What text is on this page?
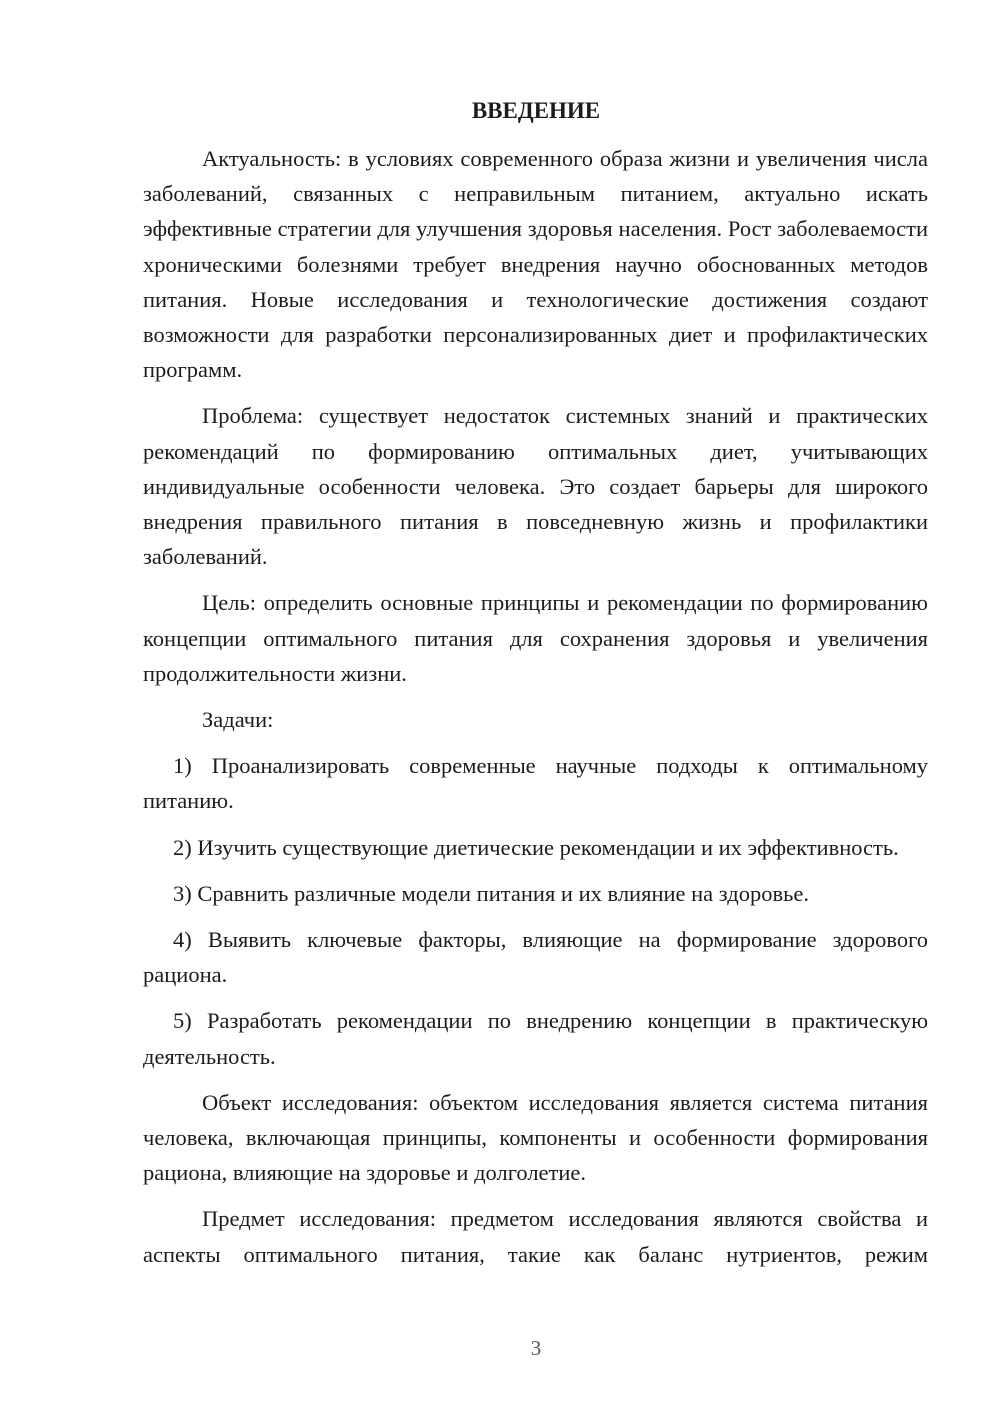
ВВЕДЕНИЕ

Актуальность: в условиях современного образа жизни и увеличения числа заболеваний, связанных с неправильным питанием, актуально искать эффективные стратегии для улучшения здоровья населения. Рост заболеваемости хроническими болезнями требует внедрения научно обоснованных методов питания. Новые исследования и технологические достижения создают возможности для разработки персонализированных диет и профилактических программ.

Проблема: существует недостаток системных знаний и практических рекомендаций по формированию оптимальных диет, учитывающих индивидуальные особенности человека. Это создает барьеры для широкого внедрения правильного питания в повседневную жизнь и профилактики заболеваний.

Цель: определить основные принципы и рекомендации по формированию концепции оптимального питания для сохранения здоровья и увеличения продолжительности жизни.

Задачи:

1) Проанализировать современные научные подходы к оптимальному питанию.

2) Изучить существующие диетические рекомендации и их эффективность.

3) Сравнить различные модели питания и их влияние на здоровье.

4) Выявить ключевые факторы, влияющие на формирование здорового рациона.

5) Разработать рекомендации по внедрению концепции в практическую деятельность.

Объект исследования: объектом исследования является система питания человека, включающая принципы, компоненты и особенности формирования рациона, влияющие на здоровье и долголетие.

Предмет исследования: предметом исследования являются свойства и аспекты оптимального питания, такие как баланс нутриентов, режим

3
